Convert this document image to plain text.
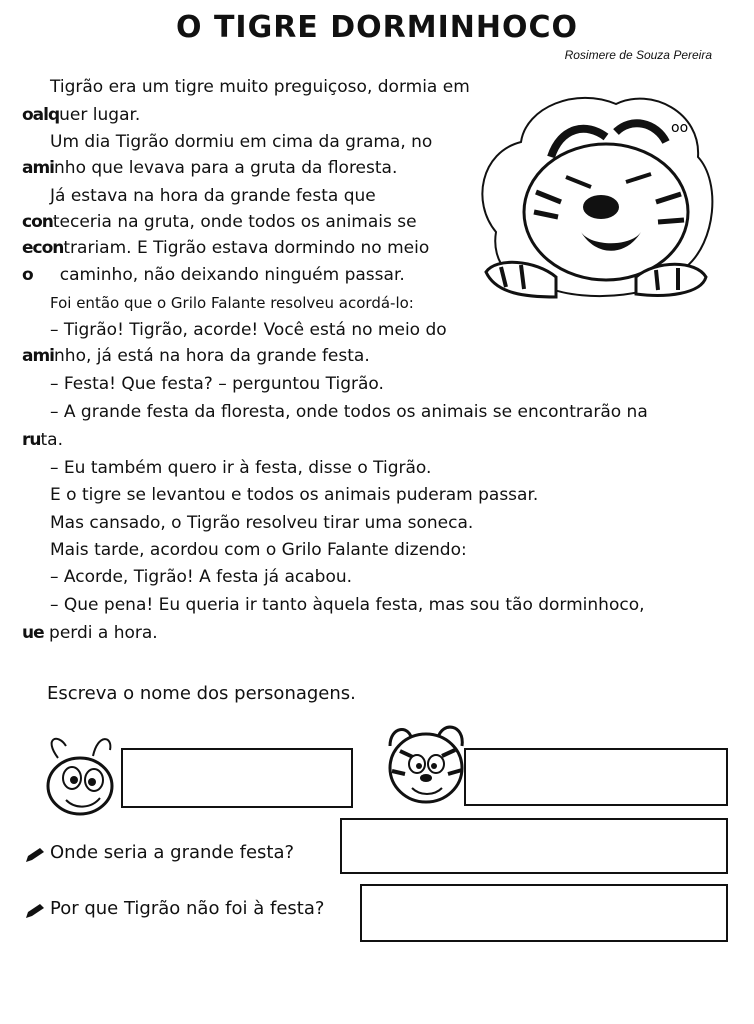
O TIGRE DORMINHOCO
Rosimere de Souza Pereira
Tigrão era um tigre muito preguiçoso, dormia em
oalquer lugar.
Um dia Tigrão dormiu em cima da grama, no
aminho que levava para a gruta da floresta.
Já estava na hora da grande festa que
conteceria na gruta, onde todos os animais se
econtrariam. E Tigrão estava dormindo no meio
o caminho, não deixando ninguém passar.
Foi então que o Grilo Falante resolveu acordá-lo:
– Tigrão! Tigrão, acorde! Você está no meio do
aminho, já está na hora da grande festa.
– Festa! Que festa? – perguntou Tigrão.
– A grande festa da floresta, onde todos os animais se encontrarão na
ruta.
– Eu também quero ir à festa, disse o Tigrão.
E o tigre se levantou e todos os animais puderam passar.
Mas cansado, o Tigrão resolveu tirar uma soneca.
Mais tarde, acordou com o Grilo Falante dizendo:
– Acorde, Tigrão! A festa já acabou.
– Que pena! Eu queria ir tanto àquela festa, mas sou tão dorminhoco,
ue perdi a hora.
oo
Escreva o nome dos personagens.
Onde seria a grande festa?
Por que Tigrão não foi à festa?
